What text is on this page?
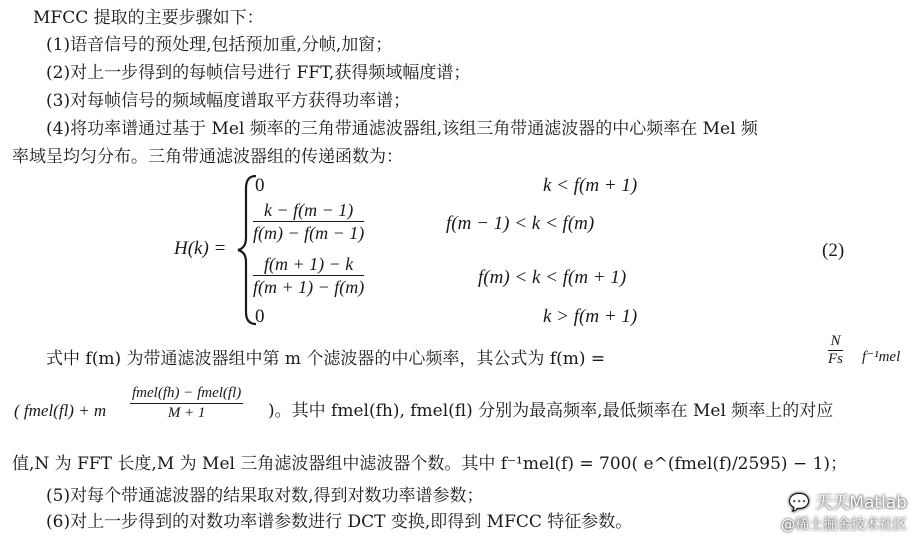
MFCC 提取的主要步骤如下：
(1)语音信号的预处理,包括预加重,分帧,加窗；
(2)对上一步得到的每帧信号进行 FFT,获得频域幅度谱；
(3)对每帧信号的频域幅度谱取平方获得功率谱；
(4)将功率谱通过基于 Mel 频率的三角带通滤波器组,该组三角带通滤波器的中心频率在 Mel 频
率域呈均匀分布。三角带通滤波器组的传递函数为：
H(k) =
0	k < f(m + 1)
$\frac{k - f(m - 1)}{f(m) - f(m - 1)}$	f(m − 1) < k < f(m)
$\frac{f(m + 1) - k}{f(m + 1) - f(m)}$	f(m) < k < f(m + 1)
0	k > f(m + 1)
(2)
式中 f(m) 为带通滤波器组中第 m 个滤波器的中心频率，其公式为 f(m) =	$\frac{N}{Fs} f^{-1}mel$
( fmel(fl) + m
fmel(fh) − fmel(fl)
M + 1	)。其中 fmel(fh), fmel(fl) 分别为最高频率,最低频率在 Mel 频率上的对应
值,N 为 FFT 长度,M 为 Mel 三角滤波器组中滤波器个数。其中 f⁻¹mel(f) = 700( e^(fmel(f)/2595) − 1)；
(5)对每个带通滤波器的结果取对数,得到对数功率谱参数；
(6)对上一步得到的对数功率谱参数进行 DCT 变换,即得到 MFCC 特征参数。
💬 天天Matlab
@稀土掘金技术社区
